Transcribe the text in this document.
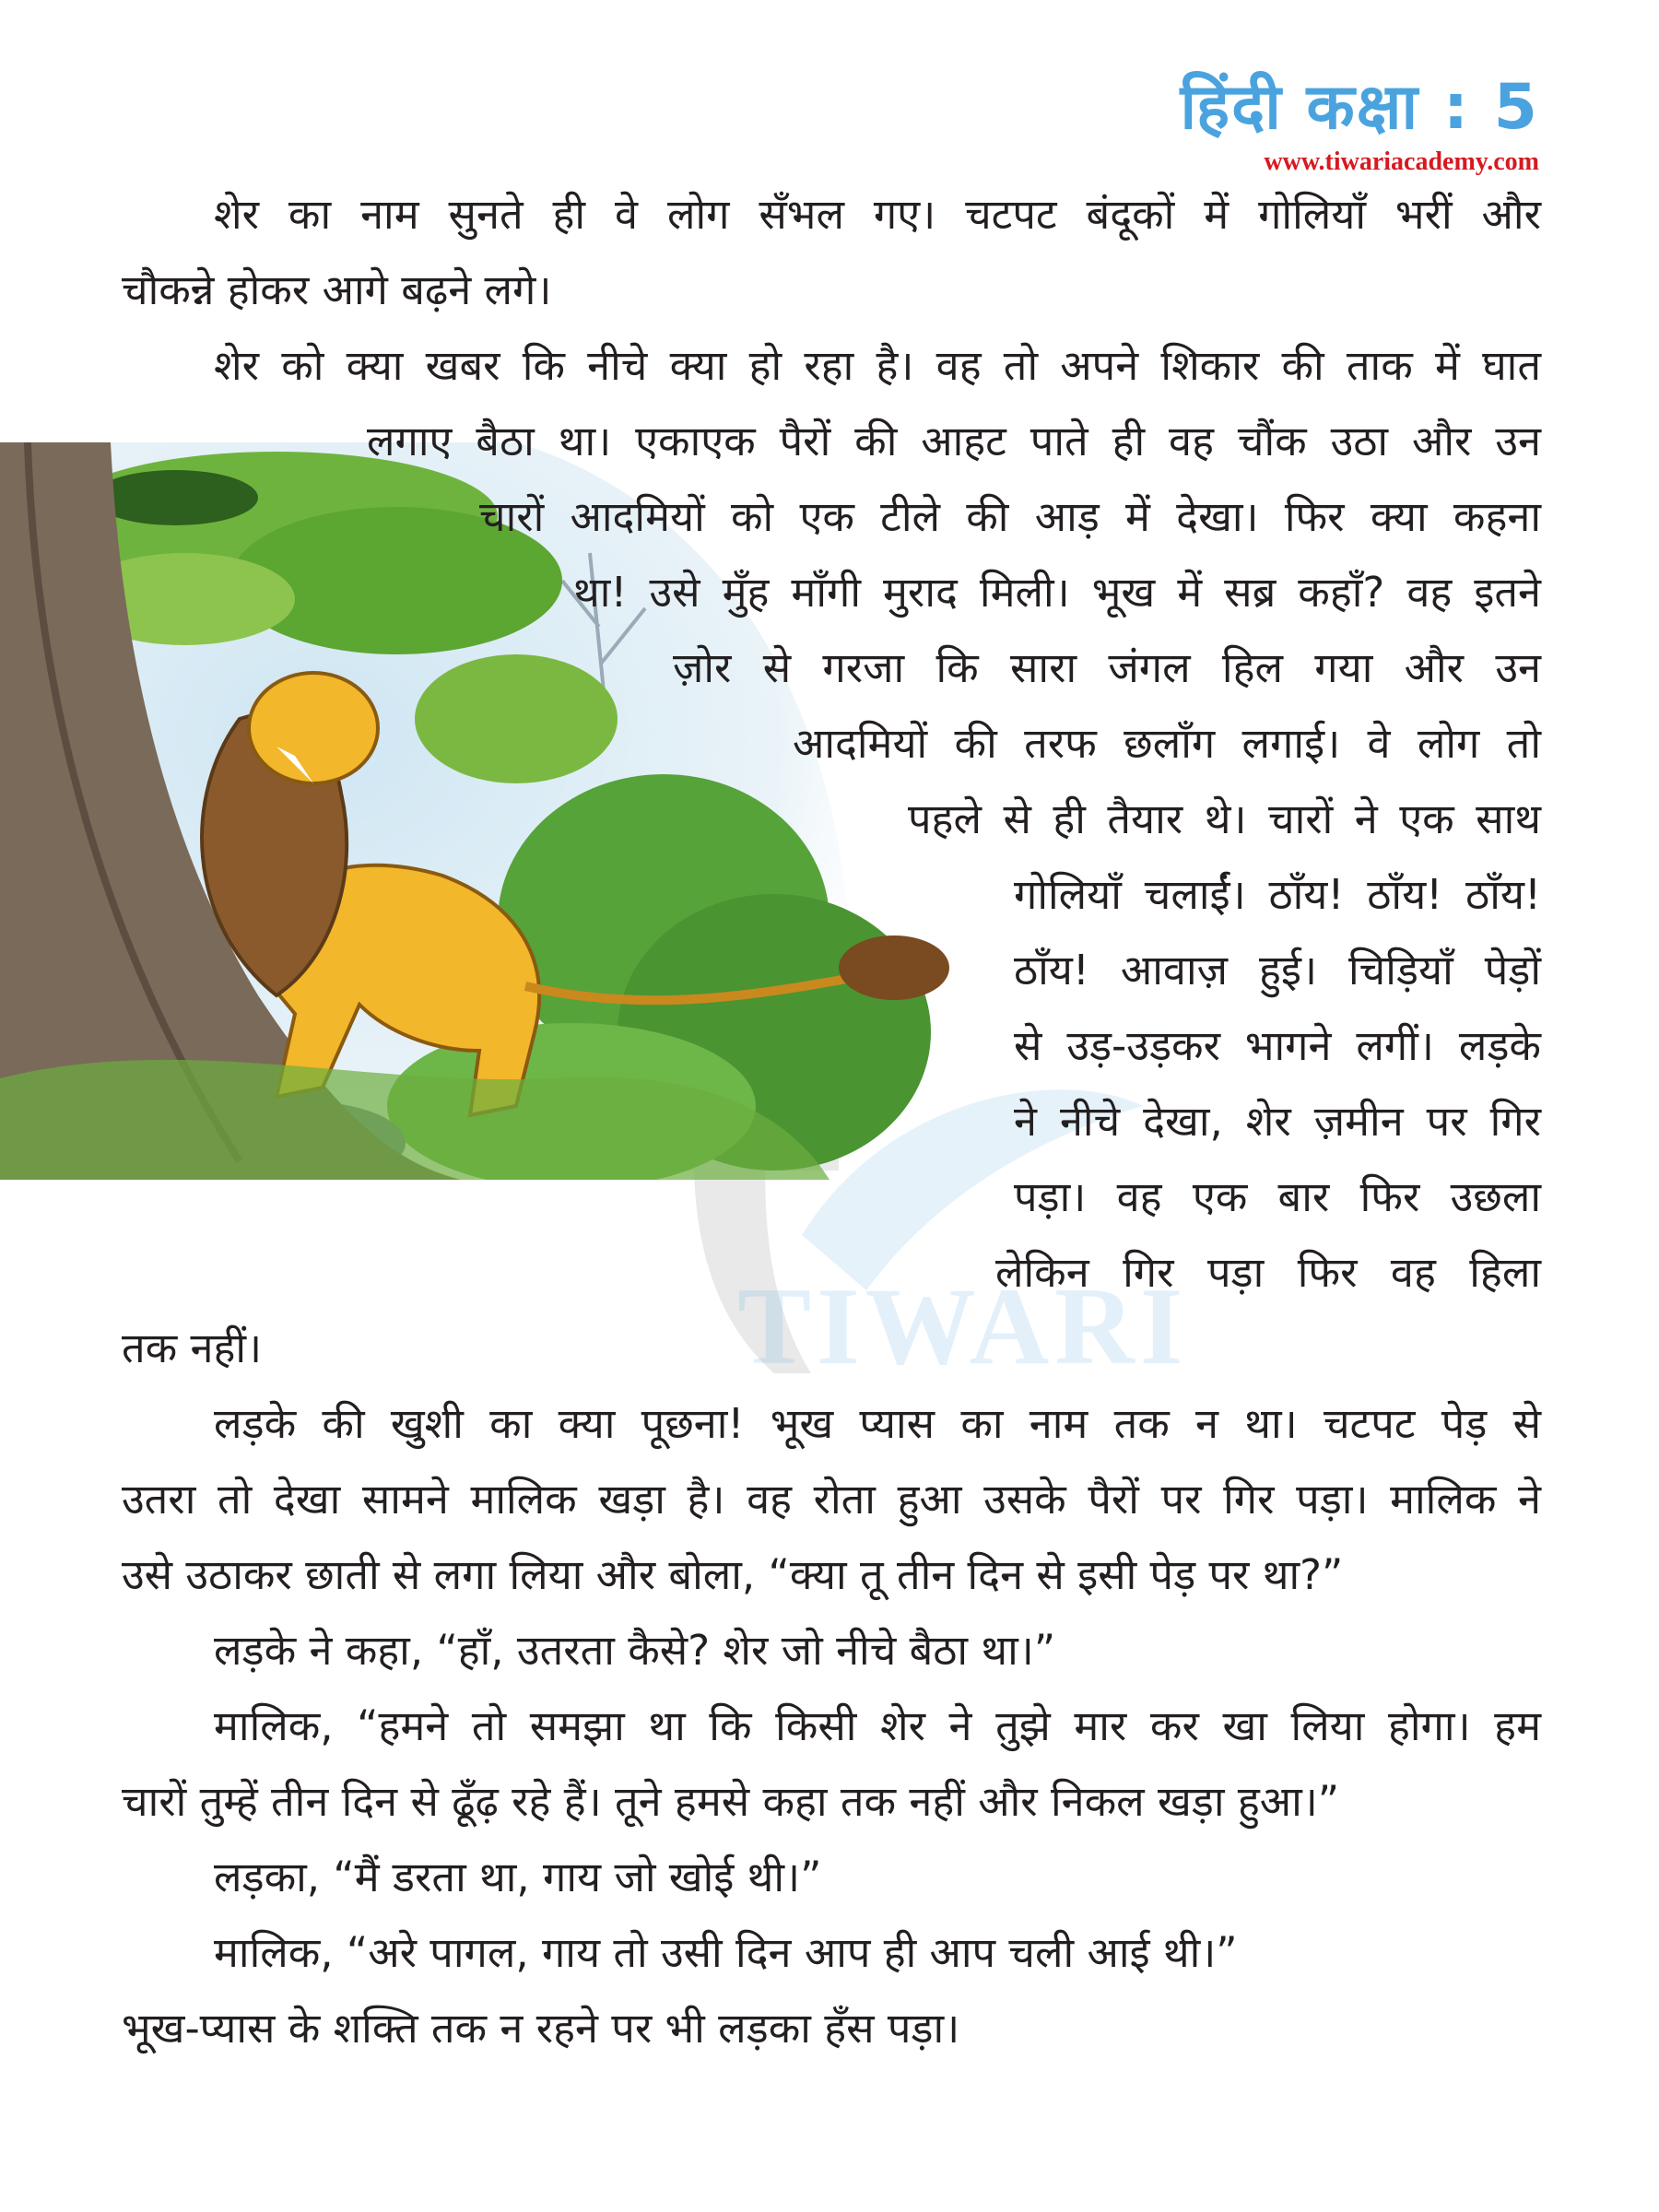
हिंदी कक्षा : 5
www.tiwariacademy.com
TIWARI
शेर का नाम सुनते ही वे लोग सँभल गए। चटपट बंदूकों में गोलियाँ भरीं और
चौकन्ने होकर आगे बढ़ने लगे।
शेर को क्या खबर कि नीचे क्या हो रहा है। वह तो अपने शिकार की ताक में घात
लगाए बैठा था। एकाएक पैरों की आहट पाते ही वह चौंक उठा और उन
चारों आदमियों को एक टीले की आड़ में देखा। फिर क्या कहना
था! उसे मुँह माँगी मुराद मिली। भूख में सब्र कहाँ? वह इतने
ज़ोर से गरजा कि सारा जंगल हिल गया और उन
आदमियों की तरफ छलाँग लगाई। वे लोग तो
पहले से ही तैयार थे। चारों ने एक साथ
गोलियाँ चलाईं। ठाँय! ठाँय! ठाँय!
ठाँय! आवाज़ हुई। चिड़ियाँ पेड़ों
से उड़-उड़कर भागने लगीं। लड़के
ने नीचे देखा, शेर ज़मीन पर गिर
पड़ा। वह एक बार फिर उछला
लेकिन गिर पड़ा फिर वह हिला
तक नहीं।
लड़के की खुशी का क्या पूछना! भूख प्यास का नाम तक न था। चटपट पेड़ से
उतरा तो देखा सामने मालिक खड़ा है। वह रोता हुआ उसके पैरों पर गिर पड़ा। मालिक ने
उसे उठाकर छाती से लगा लिया और बोला, “क्या तू तीन दिन से इसी पेड़ पर था?”
लड़के ने कहा, “हाँ, उतरता कैसे? शेर जो नीचे बैठा था।”
मालिक, “हमने तो समझा था कि किसी शेर ने तुझे मार कर खा लिया होगा। हम
चारों तुम्हें तीन दिन से ढूँढ़ रहे हैं। तूने हमसे कहा तक नहीं और निकल खड़ा हुआ।”
लड़का, “मैं डरता था, गाय जो खोई थी।”
मालिक, “अरे पागल, गाय तो उसी दिन आप ही आप चली आई थी।”
भूख-प्यास के शक्ति तक न रहने पर भी लड़का हँस पड़ा।
